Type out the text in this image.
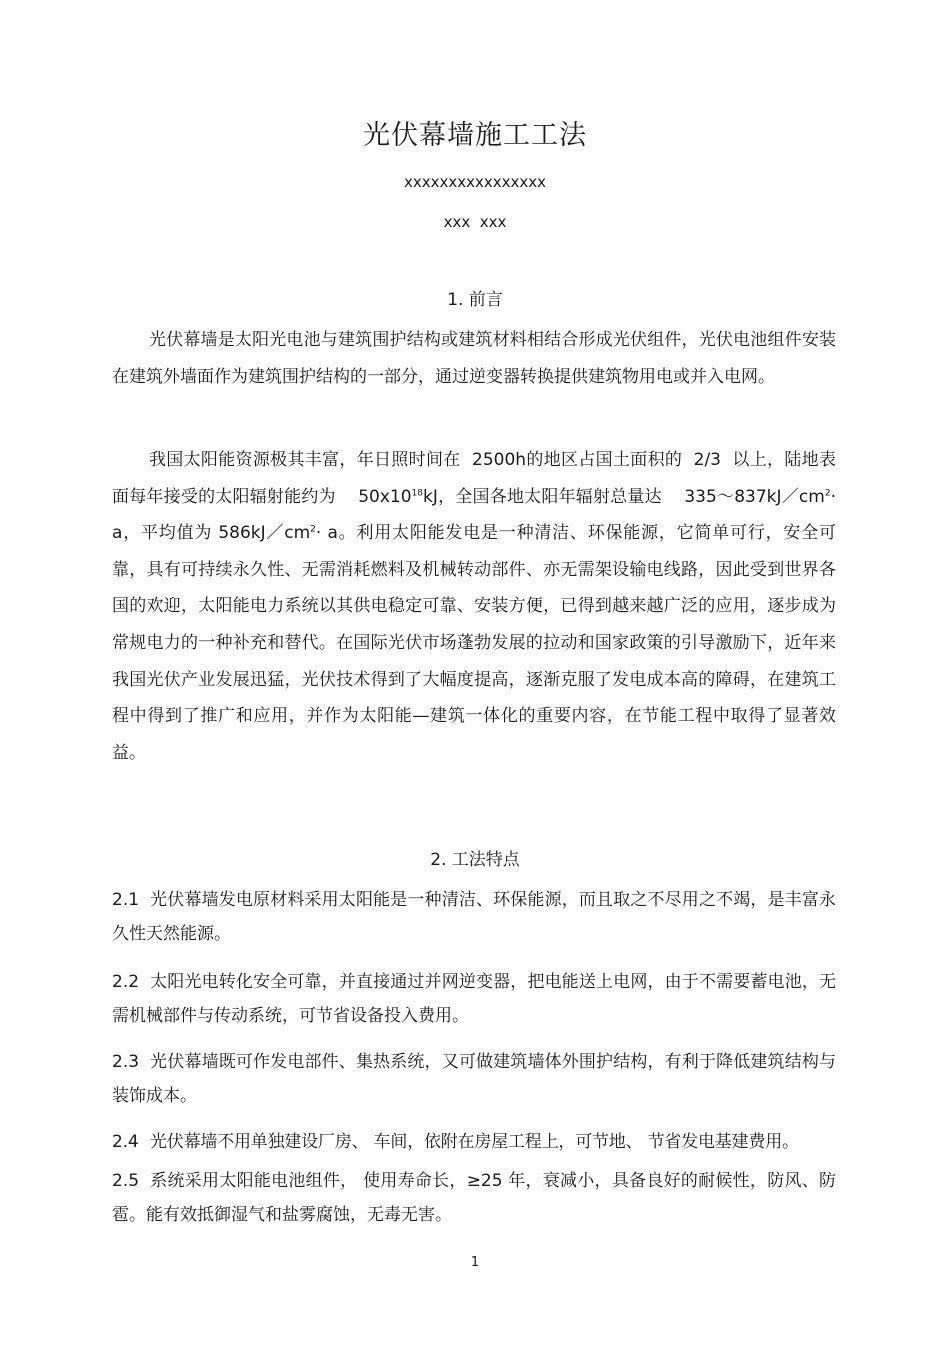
光伏幕墙施工工法
xxxxxxxxxxxxxxxx
xxx  xxx
1. 前言

光伏幕墙是太阳光电池与建筑围护结构或建筑材料相结合形成光伏组件，光伏电池组件安装在建筑外墙面作为建筑围护结构的一部分，通过逆变器转换提供建筑物用电或并入电网。

我国太阳能资源极其丰富，年日照时间在  2500h的地区占国土面积的  2/3  以上，陆地表面每年接受的太阳辐射能约为    $50x10^{18}kJ$，全国各地太阳年辐射总量达    $335\sim 837kJ/cm^2\cdot a$，平均值为 $586kJ/cm^2\cdot a$。利用太阳能发电是一种清洁、环保能源，它简单可行，安全可靠，具有可持续永久性、无需消耗燃料及机械转动部件、亦无需架设输电线路，因此受到世界各国的欢迎，太阳能电力系统以其供电稳定可靠、安装方便，已得到越来越广泛的应用，逐步成为常规电力的一种补充和替代。在国际光伏市场蓬勃发展的拉动和国家政策的引导激励下，近年来我国光伏产业发展迅猛，光伏技术得到了大幅度提高，逐渐克服了发电成本高的障碍，在建筑工程中得到了推广和应用，并作为太阳能—建筑一体化的重要内容，在节能工程中取得了显著效益。

2. 工法特点

2.1 光伏幕墙发电原材料采用太阳能是一种清洁、环保能源，而且取之不尽用之不竭，是丰富永久性天然能源。

2.2 太阳光电转化安全可靠，并直接通过并网逆变器，把电能送上电网，由于不需要蓄电池，无需机械部件与传动系统，可节省设备投入费用。

2.3 光伏幕墙既可作发电部件、集热系统，又可做建筑墙体外围护结构，有利于降低建筑结构与装饰成本。

2.4 光伏幕墙不用单独建设厂房、 车间，依附在房屋工程上，可节地、 节省发电基建费用。

2.5 系统采用太阳能电池组件， 使用寿命长，≥25 年，衰减小，具备良好的耐候性，防风、防雹。能有效抵御湿气和盐雾腐蚀，无毒无害。

1
